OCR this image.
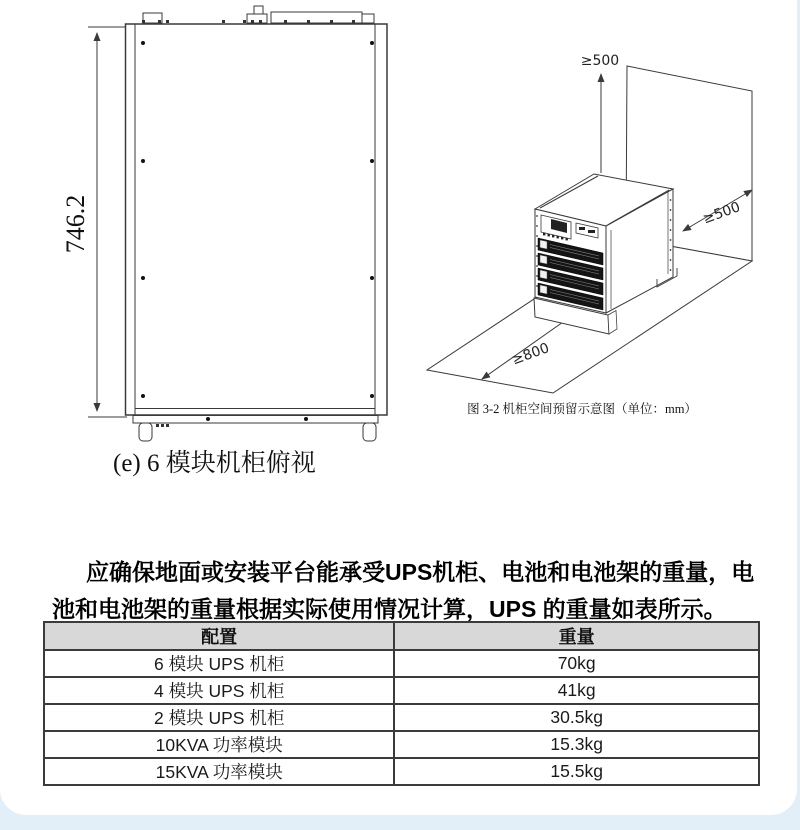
746.2
(e) 6 模块机柜俯视
≥500
≥500
≥800
图 3-2 机柜空间预留示意图（单位：mm）

应确保地面或安装平台能承受UPS机柜、电池和电池架的重量，电池和电池架的重量根据实际使用情况计算，UPS 的重量如表所示。

配置	重量
6 模块 UPS 机柜	70kg
4 模块 UPS 机柜	41kg
2 模块 UPS 机柜	30.5kg
10KVA 功率模块	15.3kg
15KVA 功率模块	15.5kg
